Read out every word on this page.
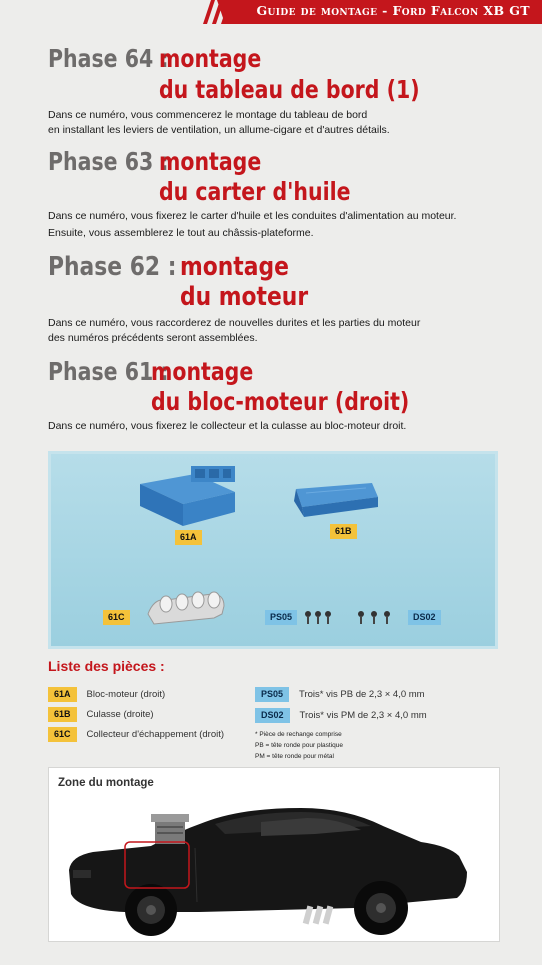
Guide de montage - Ford Falcon XB GT
Phase 64 :
montage
du tableau de bord (1)
Dans ce numéro, vous commencerez le montage du tableau de bord
en installant les leviers de ventilation, un allume-cigare et d'autres détails.
Phase 63 :
montage
du carter d'huile
Dans ce numéro, vous fixerez le carter d'huile et les conduites d'alimentation au moteur.
Ensuite, vous assemblerez le tout au châssis-plateforme.
Phase 62 : montage
du moteur
Dans ce numéro, vous raccorderez de nouvelles durites et les parties du moteur
des numéros précédents seront assemblées.
Phase 61 :
montage
du bloc-moteur (droit)
Dans ce numéro, vous fixerez le collecteur et la culasse au bloc-moteur droit.
61A
61B
61C	PS05	DS02
Liste des pièces :
61A Bloc-moteur (droit)
61B Culasse (droite)
61C Collecteur d'échappement (droit)
PS05 Trois* vis PB de 2,3 × 4,0 mm
DS02 Trois* vis PM de 2,3 × 4,0 mm
* Pièce de rechange comprise
PB = tête ronde pour plastique
PM = tête ronde pour métal
Zone du montage
